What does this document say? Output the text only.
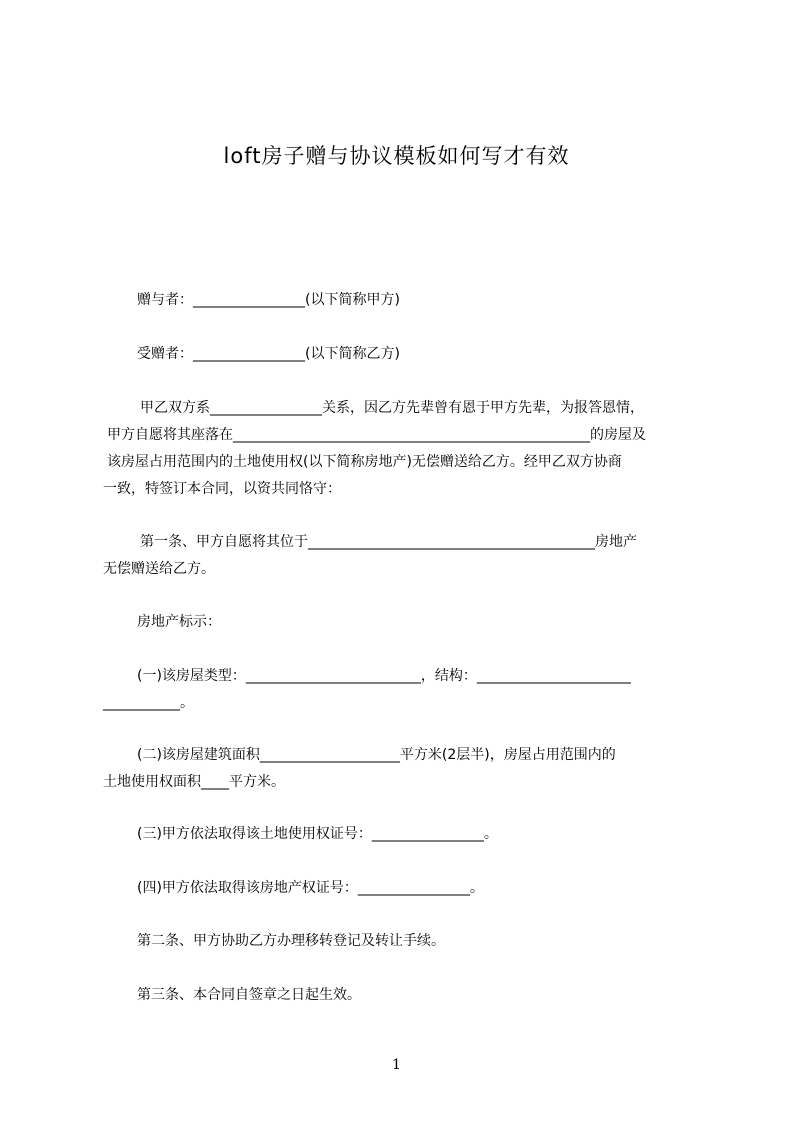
loft房子赠与协议模板如何写才有效
赠与者：________________(以下简称甲方)
受赠者：________________(以下简称乙方)
甲乙双方系________________关系，因乙方先辈曾有恩于甲方先辈，为报答恩情，
甲方自愿将其座落在___________________________________________________的房屋及
该房屋占用范围内的土地使用权(以下简称房地产)无偿赠送给乙方。经甲乙双方协商
一致，特签订本合同，以资共同恪守：
第一条、甲方自愿将其位于_________________________________________房地产
无偿赠送给乙方。
房地产标示：
(一)该房屋类型：_________________________，结构：______________________
___________。
(二)该房屋建筑面积____________________平方米(2层半)，房屋占用范围内的
土地使用权面积____平方米。
(三)甲方依法取得该土地使用权证号：________________。
(四)甲方依法取得该房地产权证号：________________。
第二条、甲方协助乙方办理移转登记及转让手续。
第三条、本合同自签章之日起生效。
1
